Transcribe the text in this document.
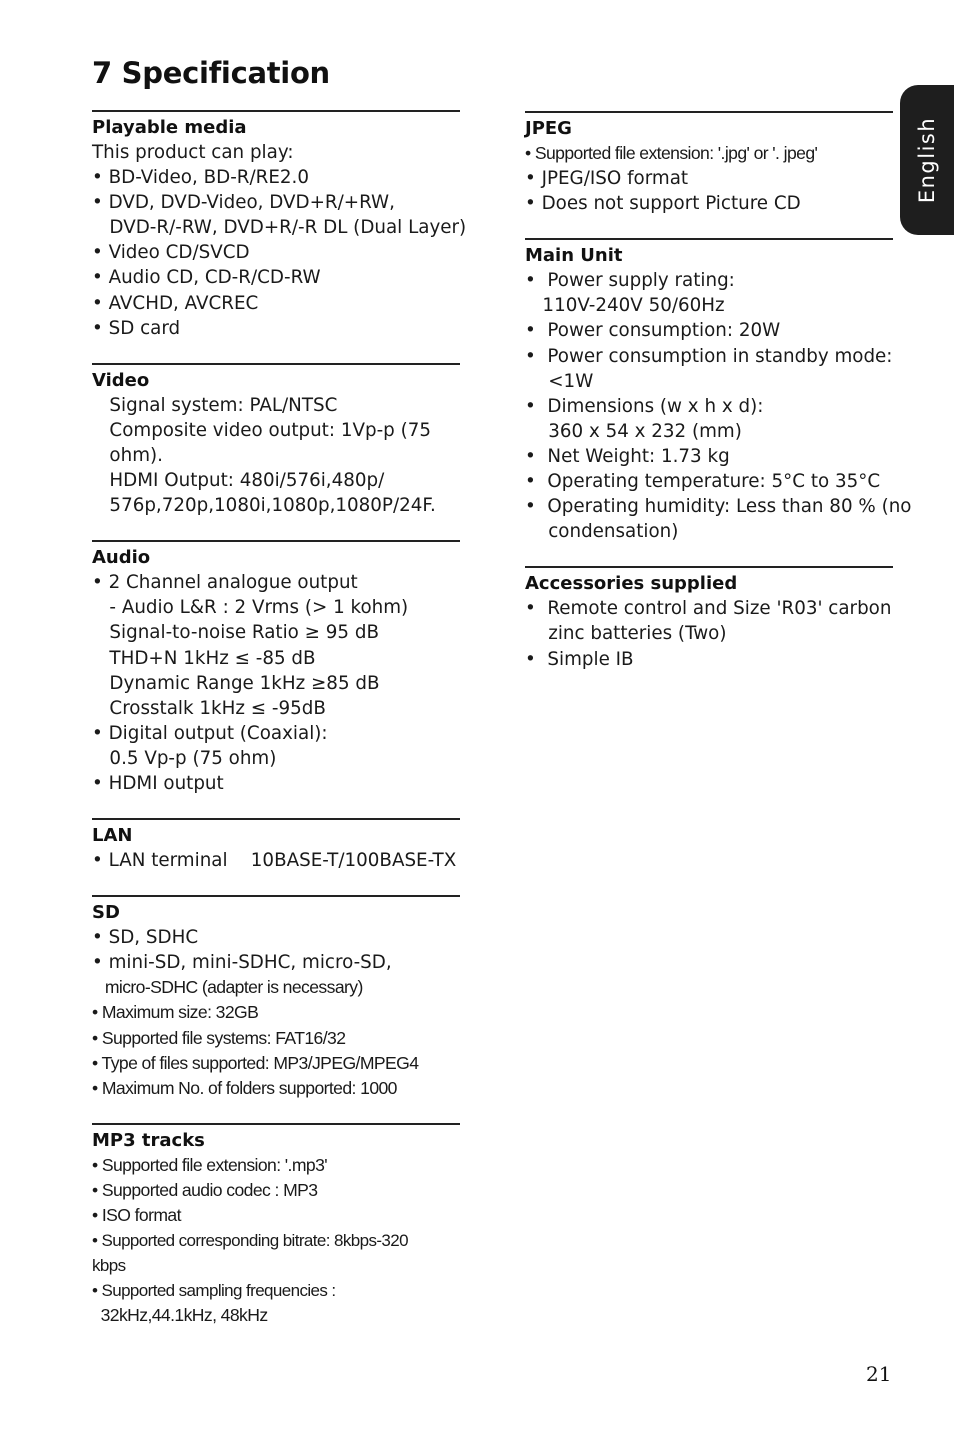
7 Specification
English
Playable media
This product can play:
• BD-Video, BD-R/RE2.0
• DVD, DVD-Video, DVD+R/+RW,
DVD-R/-RW, DVD+R/-R DL (Dual Layer)
• Video CD/SVCD
• Audio CD, CD-R/CD-RW
• AVCHD, AVCREC
• SD card
Video
Signal system: PAL/NTSC
Composite video output: 1Vp-p (75
ohm).
HDMI Output: 480i/576i,480p/
576p,720p,1080i,1080p,1080P/24F.
Audio
• 2 Channel analogue output
- Audio L&R : 2 Vrms (> 1 kohm)
Signal-to-noise Ratio ≥ 95 dB
THD+N 1kHz ≤ -85 dB
Dynamic Range 1kHz ≥85 dB
Crosstalk 1kHz ≤ -95dB
• Digital output (Coaxial):
0.5 Vp-p (75 ohm)
• HDMI output
LAN
• LAN terminal    10BASE-T/100BASE-TX
SD
• SD, SDHC
• mini-SD, mini-SDHC, micro-SD,
micro-SDHC (adapter is necessary)
• Maximum size: 32GB
• Supported file systems: FAT16/32
• Type of files supported: MP3/JPEG/MPEG4
• Maximum No. of folders supported: 1000
MP3 tracks
• Supported file extension: '.mp3'
• Supported audio codec : MP3
• ISO format
• Supported corresponding bitrate: 8kbps-320
kbps
• Supported sampling frequencies :
32kHz,44.1kHz, 48kHz
JPEG
• Supported file extension: '.jpg' or '. jpeg'
• JPEG/ISO format
• Does not support Picture CD
Main Unit
•  Power supply rating:
110V-240V 50/60Hz
•  Power consumption: 20W
•  Power consumption in standby mode:
<1W
•  Dimensions (w x h x d):
360 x 54 x 232 (mm)
•  Net Weight: 1.73 kg
•  Operating temperature: 5°C to 35°C
•  Operating humidity: Less than 80 % (no
condensation)
Accessories supplied
•  Remote control and Size 'R03' carbon
zinc batteries (Two)
•  Simple IB
21
